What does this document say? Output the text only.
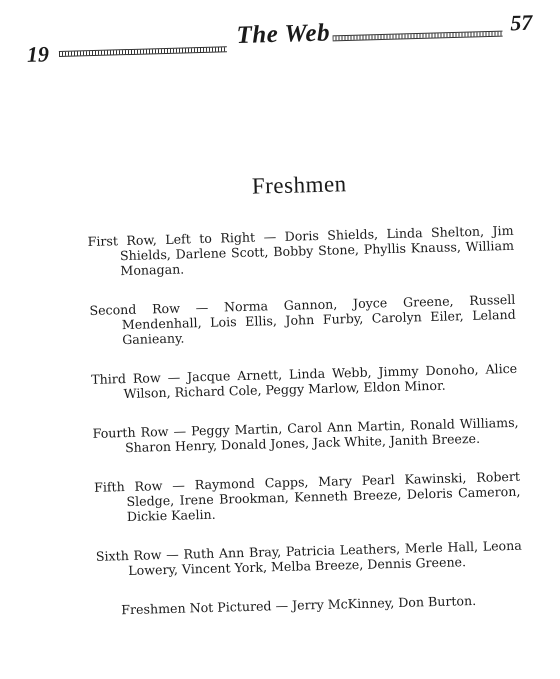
19
The Web	57
Freshmen

First Row, Left to Right — Doris Shields, Linda Shelton, Jim Shields, Darlene Scott, Bobby Stone, Phyllis Knauss, William Monagan.

Second Row — Norma Gannon, Joyce Greene, Russell Mendenhall, Lois Ellis, John Furby, Carolyn Eiler, Leland Ganieany.

Third Row — Jacque Arnett, Linda Webb, Jimmy Donoho, Alice Wilson, Richard Cole, Peggy Marlow, Eldon Minor.

Fourth Row — Peggy Martin, Carol Ann Martin, Ronald Williams, Sharon Henry, Donald Jones, Jack White, Janith Breeze.

Fifth Row — Raymond Capps, Mary Pearl Kawinski, Robert Sledge, Irene Brookman, Kenneth Breeze, Deloris Cameron, Dickie Kaelin.

Sixth Row — Ruth Ann Bray, Patricia Leathers, Merle Hall, Leona Lowery, Vincent York, Melba Breeze, Dennis Greene.

Freshmen Not Pictured — Jerry McKinney, Don Burton.
